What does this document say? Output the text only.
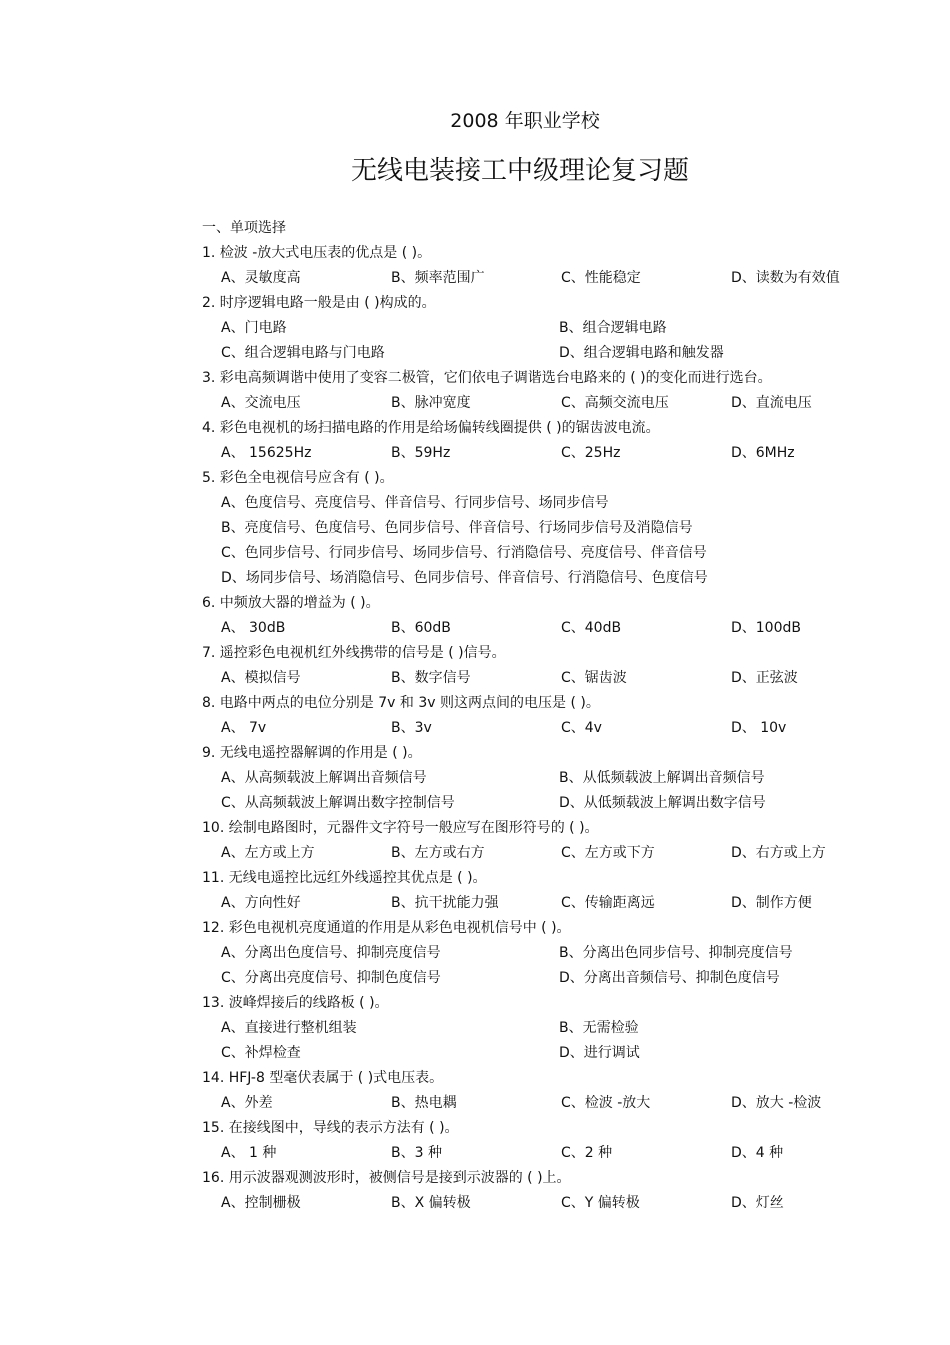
2008 年职业学校
无线电装接工中级理论复习题
一、单项选择
1. 检波 -放大式电压表的优点是 ( )。
A、灵敏度高	B、频率范围广	C、性能稳定	D、读数为有效值
2. 时序逻辑电路一般是由 ( )构成的。
A、门电路	B、组合逻辑电路
C、组合逻辑电路与门电路	D、组合逻辑电路和触发器
3. 彩电高频调谐中使用了变容二极管，它们依电子调谐选台电路来的 ( )的变化而进行选台。
A、交流电压	B、脉冲宽度	C、高频交流电压	D、直流电压
4. 彩色电视机的场扫描电路的作用是给场偏转线圈提供 ( )的锯齿波电流。
A、 15625Hz	B、59Hz	C、25Hz	D、6MHz
5. 彩色全电视信号应含有 ( )。
A、色度信号、亮度信号、伴音信号、行同步信号、场同步信号
B、亮度信号、色度信号、色同步信号、伴音信号、行场同步信号及消隐信号
C、色同步信号、行同步信号、场同步信号、行消隐信号、亮度信号、伴音信号
D、场同步信号、场消隐信号、色同步信号、伴音信号、行消隐信号、色度信号
6. 中频放大器的增益为 ( )。
A、 30dB	B、60dB	C、40dB	D、100dB
7. 遥控彩色电视机红外线携带的信号是 ( )信号。
A、模拟信号	B、数字信号	C、锯齿波	D、正弦波
8. 电路中两点的电位分别是 7v 和 3v 则这两点间的电压是 ( )。
A、 7v	B、3v	C、4v	D、 10v
9. 无线电遥控器解调的作用是 ( )。
A、从高频载波上解调出音频信号	B、从低频载波上解调出音频信号
C、从高频载波上解调出数字控制信号	D、从低频载波上解调出数字信号
10. 绘制电路图时，元器件文字符号一般应写在图形符号的 ( )。
A、左方或上方	B、左方或右方	C、左方或下方	D、右方或上方
11. 无线电遥控比远红外线遥控其优点是 ( )。
A、方向性好	B、抗干扰能力强	C、传输距离远	D、制作方便
12. 彩色电视机亮度通道的作用是从彩色电视机信号中 ( )。
A、分离出色度信号、抑制亮度信号	B、分离出色同步信号、抑制亮度信号
C、分离出亮度信号、抑制色度信号	D、分离出音频信号、抑制色度信号
13. 波峰焊接后的线路板 ( )。
A、直接进行整机组装	B、无需检验
C、补焊检查	D、进行调试
14. HFJ-8 型毫伏表属于 ( )式电压表。
A、外差	B、热电耦	C、检波 -放大	D、放大 -检波
15. 在接线图中，导线的表示方法有 ( )。
A、 1 种	B、3 种	C、2 种	D、4 种
16. 用示波器观测波形时，被侧信号是接到示波器的 ( )上。
A、控制栅极	B、X 偏转极	C、Y 偏转极	D、灯丝
